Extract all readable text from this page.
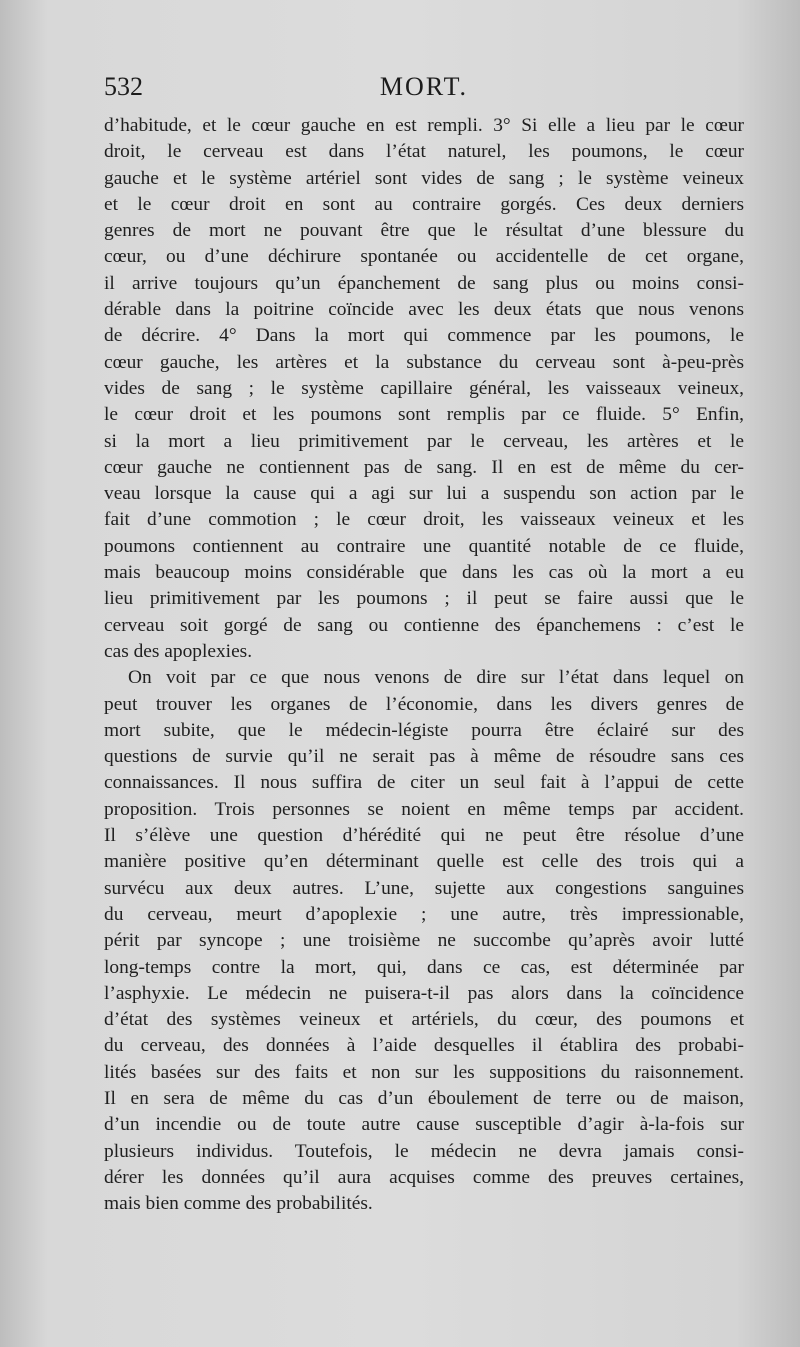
532	MORT.

d’habitude, et le cœur gauche en est rempli. 3° Si elle a lieu par le cœur
droit, le cerveau est dans l’état naturel, les poumons, le cœur
gauche et le système artériel sont vides de sang ; le système veineux
et le cœur droit en sont au contraire gorgés. Ces deux derniers
genres de mort ne pouvant être que le résultat d’une blessure du
cœur, ou d’une déchirure spontanée ou accidentelle de cet organe,
il arrive toujours qu’un épanchement de sang plus ou moins consi-
dérable dans la poitrine coïncide avec les deux états que nous venons
de décrire. 4° Dans la mort qui commence par les poumons, le
cœur gauche, les artères et la substance du cerveau sont à-peu-près
vides de sang ; le système capillaire général, les vaisseaux veineux,
le cœur droit et les poumons sont remplis par ce fluide. 5° Enfin,
si la mort a lieu primitivement par le cerveau, les artères et le
cœur gauche ne contiennent pas de sang. Il en est de même du cer-
veau lorsque la cause qui a agi sur lui a suspendu son action par le
fait d’une commotion ; le cœur droit, les vaisseaux veineux et les
poumons contiennent au contraire une quantité notable de ce fluide,
mais beaucoup moins considérable que dans les cas où la mort a eu
lieu primitivement par les poumons ; il peut se faire aussi que le
cerveau soit gorgé de sang ou contienne des épanchemens : c’est le
cas des apoplexies.

On voit par ce que nous venons de dire sur l’état dans lequel on
peut trouver les organes de l’économie, dans les divers genres de
mort subite, que le médecin-légiste pourra être éclairé sur des
questions de survie qu’il ne serait pas à même de résoudre sans ces
connaissances. Il nous suffira de citer un seul fait à l’appui de cette
proposition. Trois personnes se noient en même temps par accident.
Il s’élève une question d’hérédité qui ne peut être résolue d’une
manière positive qu’en déterminant quelle est celle des trois qui a
survécu aux deux autres. L’une, sujette aux congestions sanguines
du cerveau, meurt d’apoplexie ; une autre, très impressionable,
périt par syncope ; une troisième ne succombe qu’après avoir lutté
long-temps contre la mort, qui, dans ce cas, est déterminée par
l’asphyxie. Le médecin ne puisera-t-il pas alors dans la coïncidence
d’état des systèmes veineux et artériels, du cœur, des poumons et
du cerveau, des données à l’aide desquelles il établira des probabi-
lités basées sur des faits et non sur les suppositions du raisonnement.
Il en sera de même du cas d’un éboulement de terre ou de maison,
d’un incendie ou de toute autre cause susceptible d’agir à-la-fois sur
plusieurs individus. Toutefois, le médecin ne devra jamais consi-
dérer les données qu’il aura acquises comme des preuves certaines,
mais bien comme des probabilités.
